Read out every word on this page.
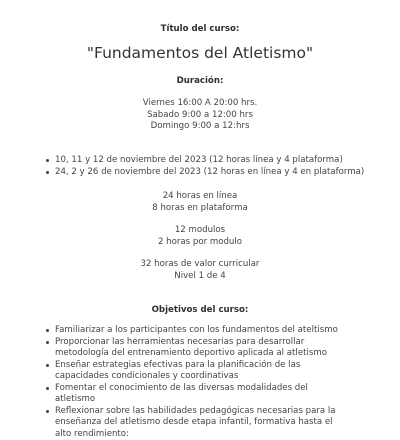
Título del curso:
"Fundamentos del Atletismo"
Duración:
Viernes 16:00 A 20:00 hrs.
Sabado 9:00 a 12:00 hrs
Domingo 9:00 a 12:hrs
10, 11 y 12 de noviembre del 2023 (12 horas línea y 4 plataforma)
24, 2 y 26 de noviembre del 2023 (12 horas en línea y 4 en plataforma)
24 horas en línea
8 horas en plataforma
12 modulos
2 horas por modulo
32 horas de valor curricular
Nivel 1 de 4
Objetivos del curso:
Familiarizar a los participantes con los fundamentos del ateltismo
Proporcionar las herramientas necesarias para desarrollar metodología del entrenamiento deportivo aplicada al atletismo
Enseñar estrategias efectivas para la planificación de las capacidades condicionales y coordinativas
Fomentar el conocimiento de las diversas modalidades del atletismo
Reflexionar sobre las habilidades pedagógicas necesarias para la enseñanza del atletismo desde etapa infantil, formativa hasta el alto rendimiento:
